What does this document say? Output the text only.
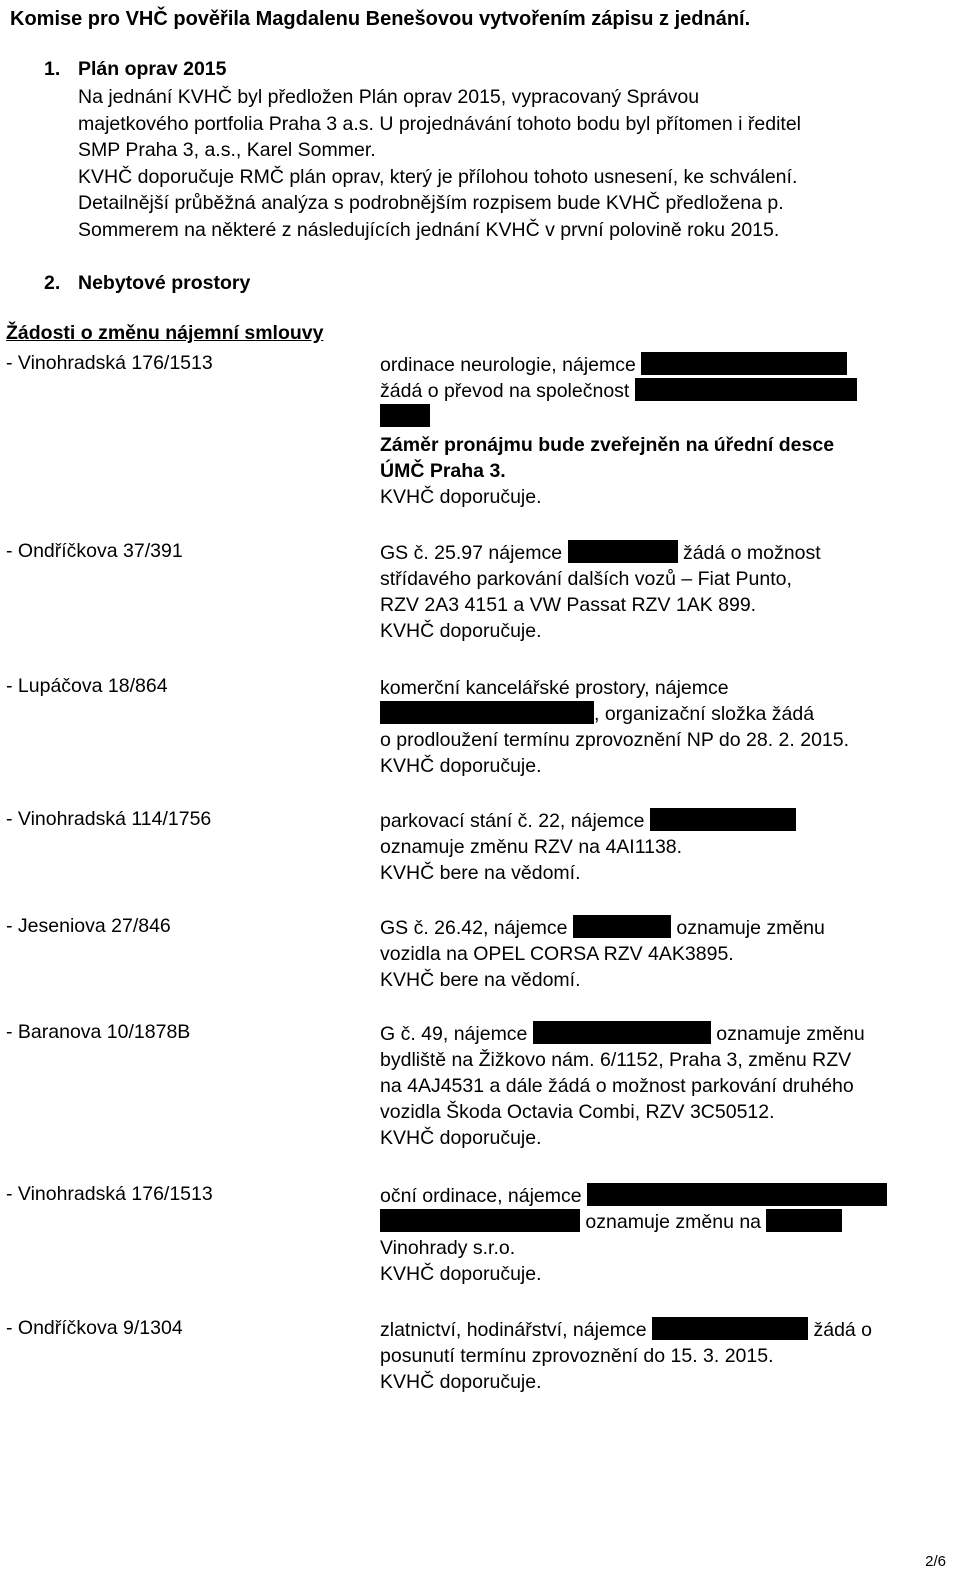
Komise pro VHČ pověřila Magdalenu Benešovou vytvořením zápisu z jednání.
1. Plán oprav 2015
Na jednání KVHČ byl předložen Plán oprav 2015, vypracovaný Správou
majetkového portfolia Praha 3 a.s. U projednávání tohoto bodu byl přítomen i ředitel
SMP Praha 3, a.s., Karel Sommer.
KVHČ doporučuje RMČ plán oprav, který je přílohou tohoto usnesení, ke schválení.
Detailnější průběžná analýza s podrobnějším rozpisem bude KVHČ předložena p.
Sommerem na některé z následujících jednání KVHČ v první polovině roku 2015.
2. Nebytové prostory
Žádosti o změnu nájemní smlouvy
- Vinohradská 176/1513	ordinace neurologie, nájemce
žádá o převod na společnost
Záměr pronájmu bude zveřejněn na úřední desce
ÚMČ Praha 3.
KVHČ doporučuje.
- Ondříčkova 37/391	GS č. 25.97 nájemce	žádá o možnost
střídavého parkování dalších vozů – Fiat Punto,
RZV 2A3 4151 a VW Passat RZV 1AK 899.
KVHČ doporučuje.
- Lupáčova 18/864	komerční kancelářské prostory, nájemce
, organizační složka žádá
o prodloužení termínu zprovoznění NP do 28. 2. 2015.
KVHČ doporučuje.
- Vinohradská 114/1756	parkovací stání č. 22, nájemce
oznamuje změnu RZV na 4AI1138.
KVHČ bere na vědomí.
- Jeseniova 27/846	GS č. 26.42, nájemce	oznamuje změnu
vozidla na OPEL CORSA RZV 4AK3895.
KVHČ bere na vědomí.
- Baranova 10/1878B	G č. 49, nájemce	oznamuje změnu
bydliště na Žižkovo nám. 6/1152, Praha 3, změnu RZV
na 4AJ4531 a dále žádá o možnost parkování druhého
vozidla Škoda Octavia Combi, RZV 3C50512.
KVHČ doporučuje.
- Vinohradská 176/1513	oční ordinace, nájemce
oznamuje změnu na
Vinohrady s.r.o.
KVHČ doporučuje.
- Ondříčkova 9/1304	zlatnictví, hodinářství, nájemce	žádá o
posunutí termínu zprovoznění do 15. 3. 2015.
KVHČ doporučuje.
2/6
